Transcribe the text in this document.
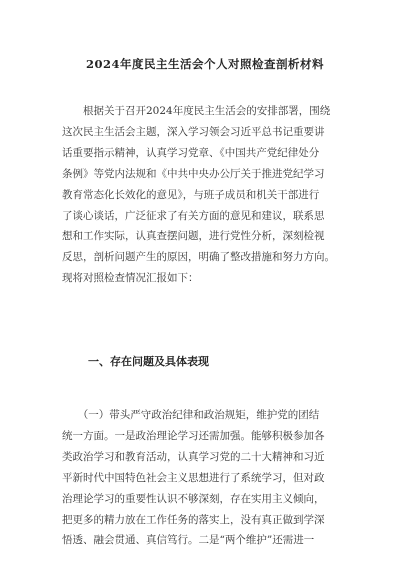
2024年度民主生活会个人对照检查剖析材料
　　根据关于召开2024年度民主生活会的安排部署，围绕
这次民主生活会主题，深入学习领会习近平总书记重要讲
话重要指示精神，认真学习党章、《中国共产党纪律处分
条例》等党内法规和《中共中央办公厅关于推进党纪学习
教育常态化长效化的意见》，与班子成员和机关干部进行
了谈心谈话，广泛征求了有关方面的意见和建议，联系思
想和工作实际，认真查摆问题，进行党性分析，深刻检视
反思，剖析问题产生的原因，明确了整改措施和努力方向。
现将对照检查情况汇报如下：
一、存在问题及具体表现
　　（一）带头严守政治纪律和政治规矩，维护党的团结
统一方面。一是政治理论学习还需加强。能够积极参加各
类政治学习和教育活动，认真学习党的二十大精神和习近
平新时代中国特色社会主义思想进行了系统学习，但对政
治理论学习的重要性认识不够深刻，存在实用主义倾向，
把更多的精力放在工作任务的落实上，没有真正做到学深
悟透、融会贯通、真信笃行。二是“两个维护”还需进一
